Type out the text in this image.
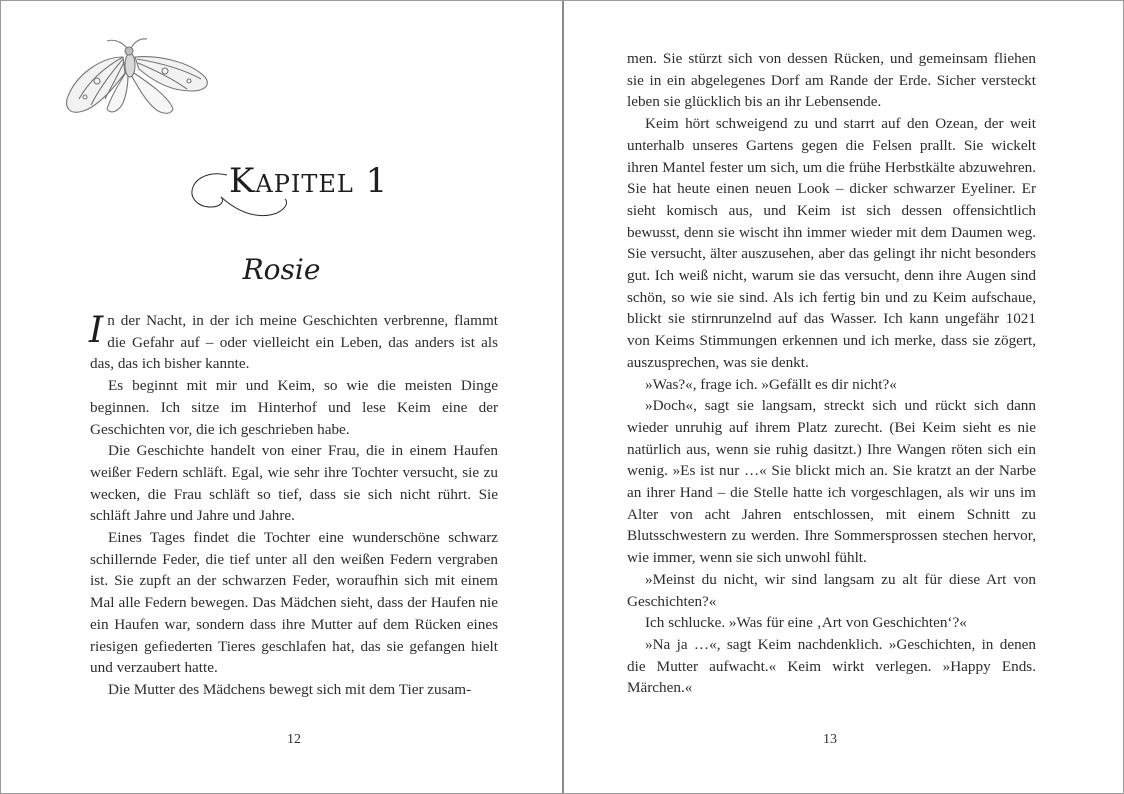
Kapitel 1
Rosie

In der Nacht, in der ich meine Geschichten verbrenne, flammt die Gefahr auf – oder vielleicht ein Leben, das anders ist als das, das ich bisher kannte.

Es beginnt mit mir und Keim, so wie die meisten Dinge beginnen. Ich sitze im Hinterhof und lese Keim eine der Geschichten vor, die ich geschrieben habe.

Die Geschichte handelt von einer Frau, die in einem Haufen weißer Federn schläft. Egal, wie sehr ihre Tochter versucht, sie zu wecken, die Frau schläft so tief, dass sie sich nicht rührt. Sie schläft Jahre und Jahre und Jahre.

Eines Tages findet die Tochter eine wunderschöne schwarz schillernde Feder, die tief unter all den weißen Federn vergraben ist. Sie zupft an der schwarzen Feder, woraufhin sich mit einem Mal alle Federn bewegen. Das Mädchen sieht, dass der Haufen nie ein Haufen war, sondern dass ihre Mutter auf dem Rücken eines riesigen gefiederten Tieres geschlafen hat, das sie gefangen hielt und verzaubert hatte.

Die Mutter des Mädchens bewegt sich mit dem Tier zusam-

12

men. Sie stürzt sich von dessen Rücken, und gemeinsam fliehen sie in ein abgelegenes Dorf am Rande der Erde. Sicher versteckt leben sie glücklich bis an ihr Lebensende.

Keim hört schweigend zu und starrt auf den Ozean, der weit unterhalb unseres Gartens gegen die Felsen prallt. Sie wickelt ihren Mantel fester um sich, um die frühe Herbstkälte abzuwehren. Sie hat heute einen neuen Look – dicker schwarzer Eyeliner. Er sieht komisch aus, und Keim ist sich dessen offensichtlich bewusst, denn sie wischt ihn immer wieder mit dem Daumen weg. Sie versucht, älter auszusehen, aber das gelingt ihr nicht besonders gut. Ich weiß nicht, warum sie das versucht, denn ihre Augen sind schön, so wie sie sind. Als ich fertig bin und zu Keim aufschaue, blickt sie stirnrunzelnd auf das Wasser. Ich kann ungefähr 1021 von Keims Stimmungen erkennen und ich merke, dass sie zögert, auszusprechen, was sie denkt.

»Was?«, frage ich. »Gefällt es dir nicht?«

»Doch«, sagt sie langsam, streckt sich und rückt sich dann wieder unruhig auf ihrem Platz zurecht. (Bei Keim sieht es nie natürlich aus, wenn sie ruhig dasitzt.) Ihre Wangen röten sich ein wenig. »Es ist nur …« Sie blickt mich an. Sie kratzt an der Narbe an ihrer Hand – die Stelle hatte ich vorgeschlagen, als wir uns im Alter von acht Jahren entschlossen, mit einem Schnitt zu Blutsschwestern zu werden. Ihre Sommersprossen stechen hervor, wie immer, wenn sie sich unwohl fühlt.

»Meinst du nicht, wir sind langsam zu alt für diese Art von Geschichten?«

Ich schlucke. »Was für eine ‚Art von Geschichten‘?«

»Na ja …«, sagt Keim nachdenklich. »Geschichten, in denen die Mutter aufwacht.« Keim wirkt verlegen. »Happy Ends. Märchen.«

13
